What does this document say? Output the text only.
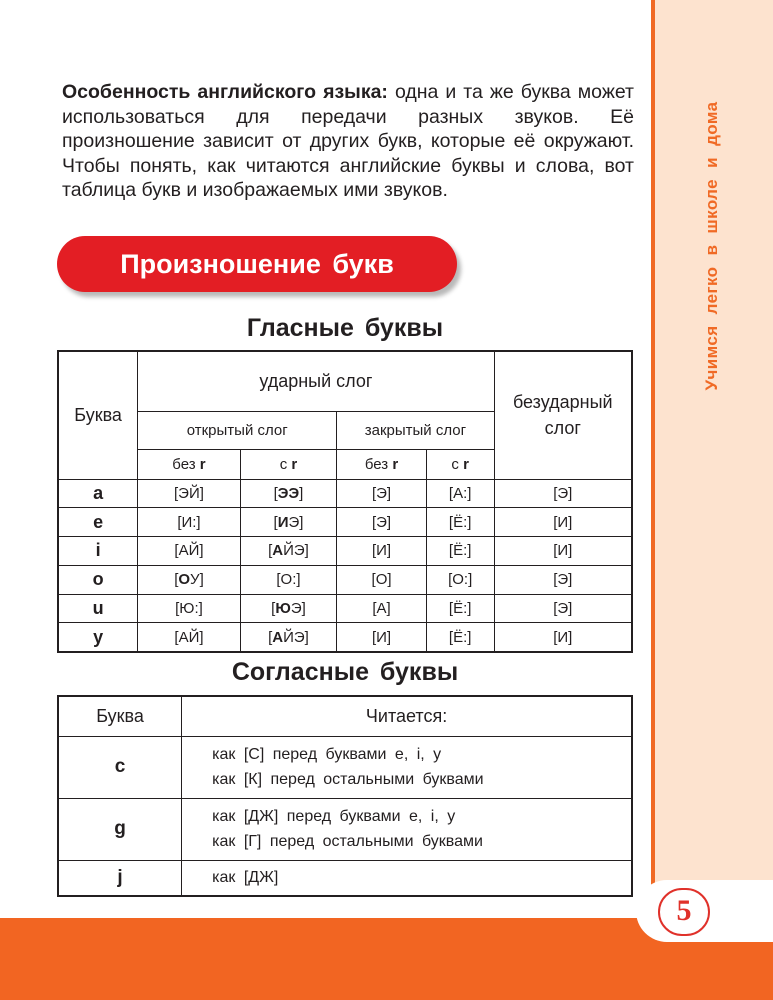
Учимся легко в школе и дома
5

Особенность английского языка: одна и та же буква может использоваться для передачи разных звуков. Её произношение зависит от других букв, которые её окружают. Чтобы понять, как читаются английские буквы и слова, вот таблица букв и изображаемых ими звуков.

Произношение букв
Гласные буквы
Буква	ударный слог				безударный слог
	открытый слог		закрытый слог		
	без r	с r	без r	с r	
a	[ЭЙ]	[ЭЭ]	[Э]	[А:]	[Э]
e	[И:]	[ИЭ]	[Э]	[Ё:]	[И]
i	[АЙ]	[АЙЭ]	[И]	[Ё:]	[И]
o	[ОУ]	[О:]	[О]	[О:]	[Э]
u	[Ю:]	[ЮЭ]	[А]	[Ё:]	[Э]
y	[АЙ]	[АЙЭ]	[И]	[Ё:]	[И]
Согласные буквы
Буква	Читается:
c	как [С] перед буквами e, i, y
как [К] перед остальными буквами

g	как [ДЖ] перед буквами e, i, y
как [Г] перед остальными буквами

j	как [ДЖ]
